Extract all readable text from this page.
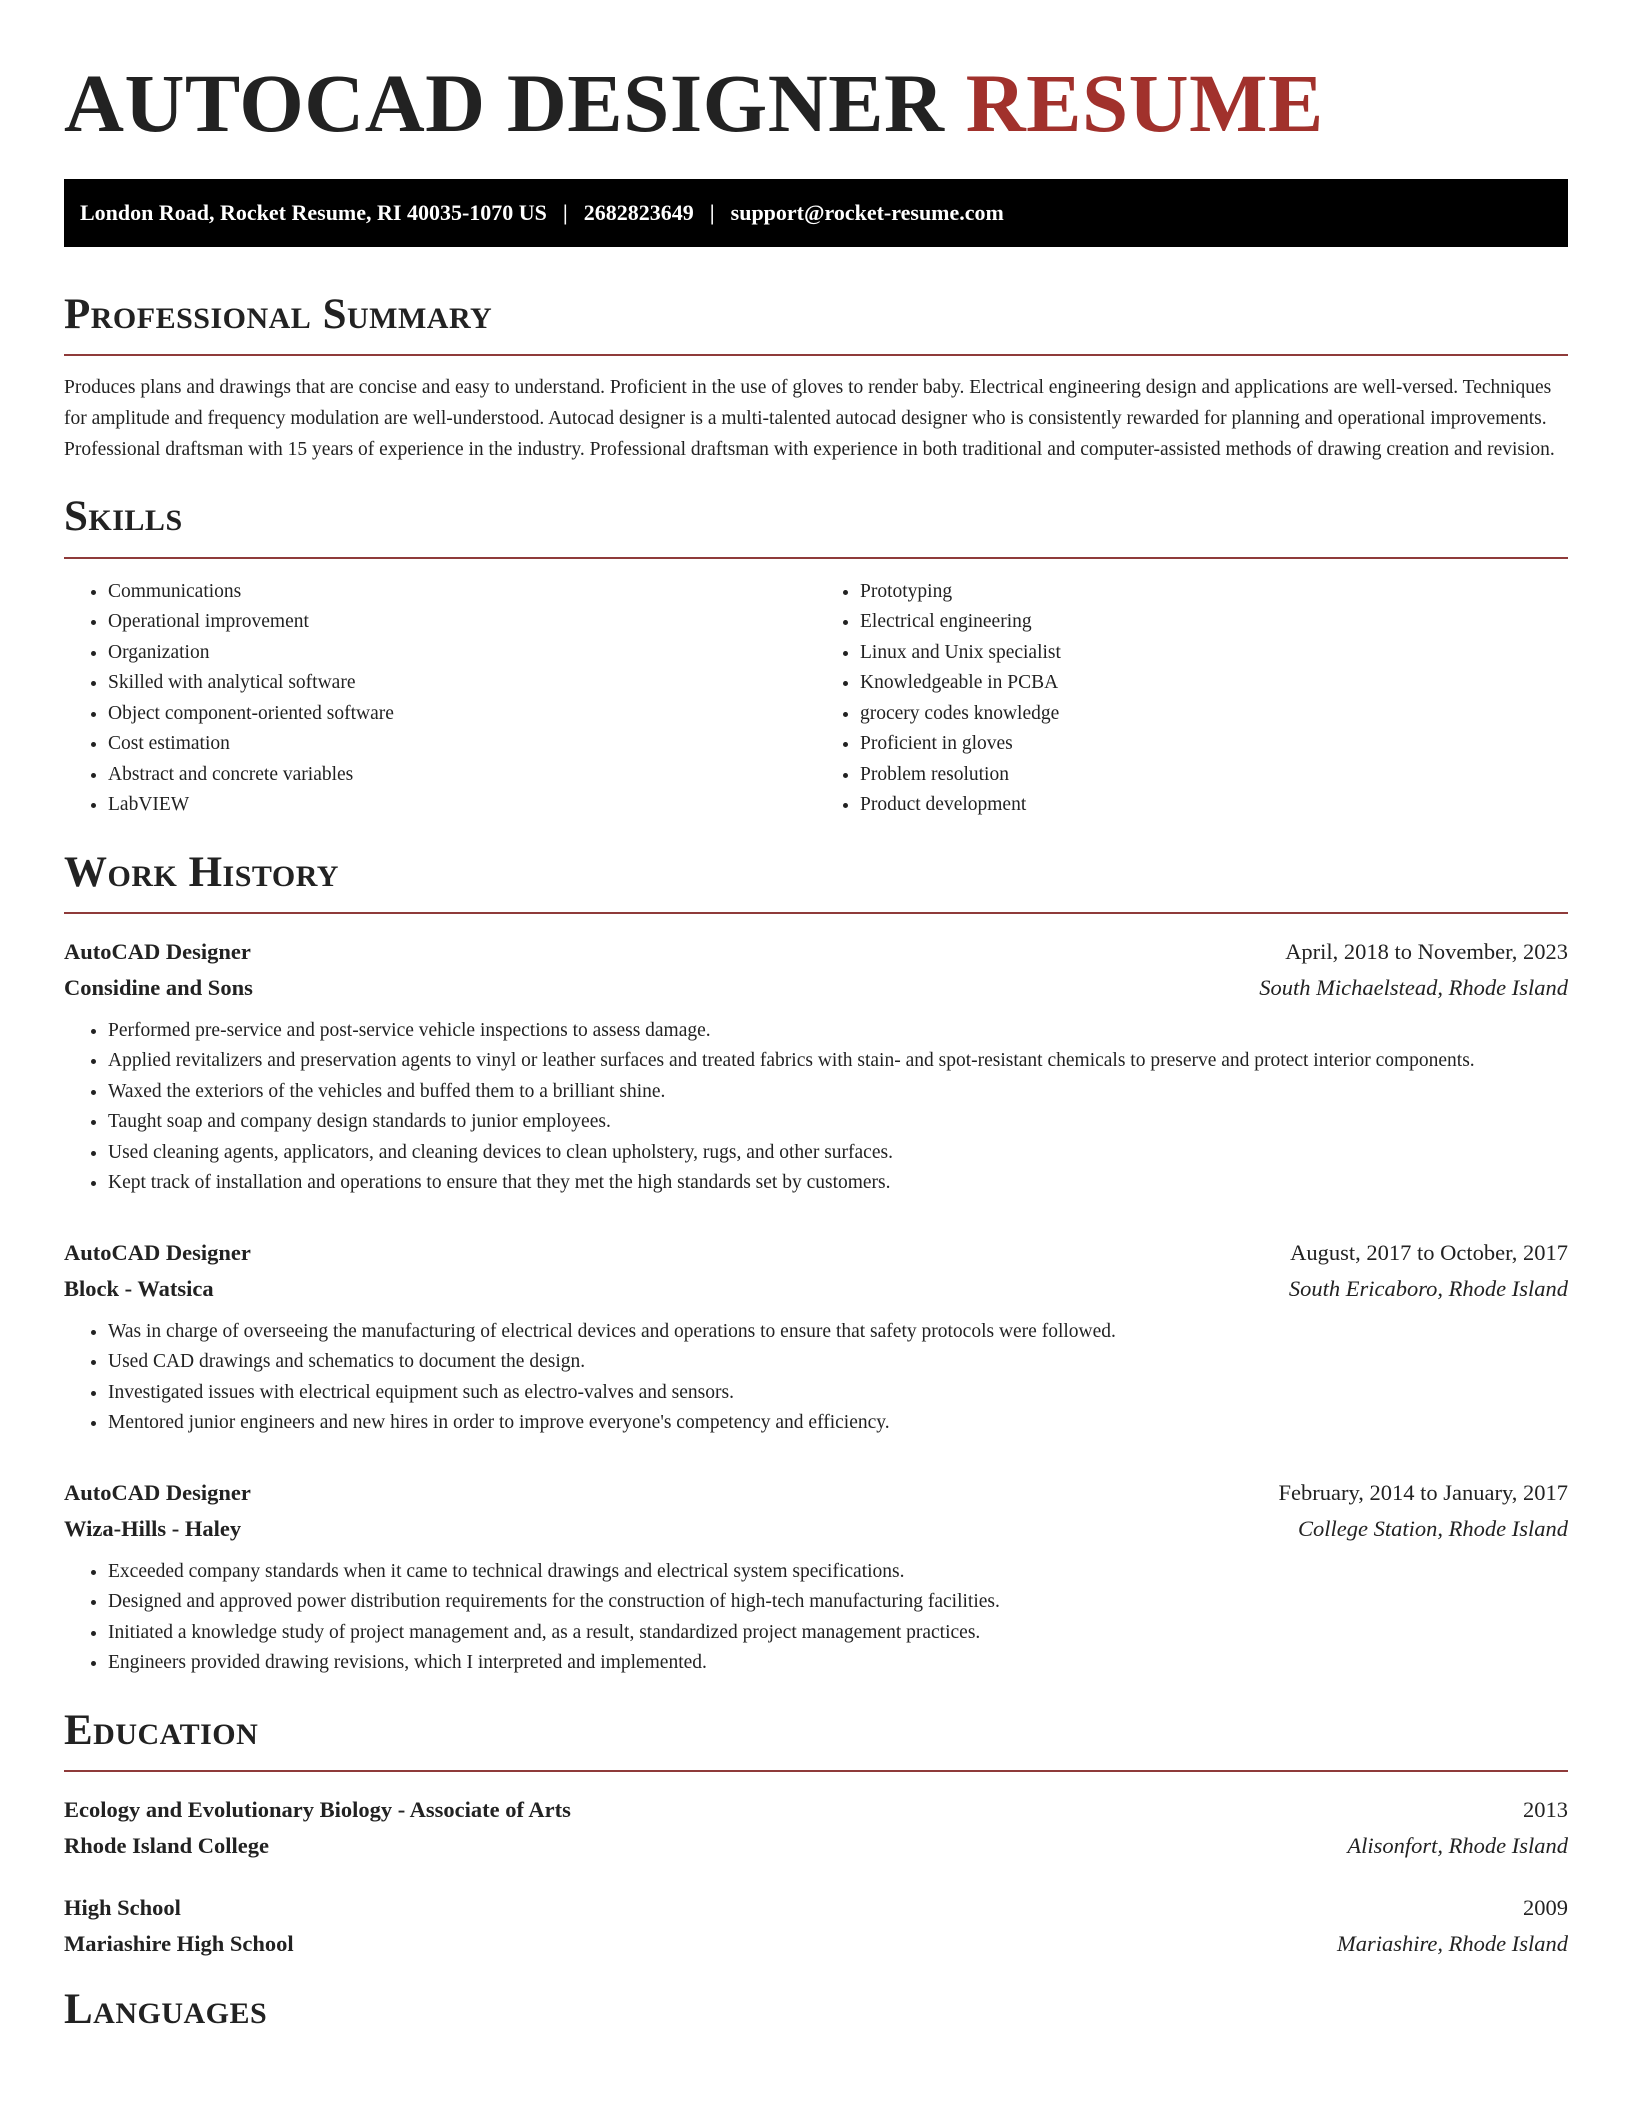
AUTOCAD DESIGNER RESUME
London Road, Rocket Resume, RI 40035-1070 US | 2682823649 | support@rocket-resume.com
Professional Summary

Produces plans and drawings that are concise and easy to understand. Proficient in the use of gloves to render baby. Electrical engineering design and applications are well-versed. Techniques for amplitude and frequency modulation are well-understood. Autocad designer is a multi-talented autocad designer who is consistently rewarded for planning and operational improvements. Professional draftsman with 15 years of experience in the industry. Professional draftsman with experience in both traditional and computer-assisted methods of drawing creation and revision.

Skills
• Communications
• Operational improvement
• Organization
• Skilled with analytical software
• Object component-oriented software
• Cost estimation
• Abstract and concrete variables
• LabVIEW
• Prototyping
• Electrical engineering
• Linux and Unix specialist
• Knowledgeable in PCBA
• grocery codes knowledge
• Proficient in gloves
• Problem resolution
• Product development
Work History
AutoCAD Designer	April, 2018 to November, 2023
Considine and Sons	South Michaelstead, Rhode Island
• Performed pre-service and post-service vehicle inspections to assess damage.
• Applied revitalizers and preservation agents to vinyl or leather surfaces and treated fabrics with stain- and spot-resistant chemicals to preserve and protect interior components.
• Waxed the exteriors of the vehicles and buffed them to a brilliant shine.
• Taught soap and company design standards to junior employees.
• Used cleaning agents, applicators, and cleaning devices to clean upholstery, rugs, and other surfaces.
• Kept track of installation and operations to ensure that they met the high standards set by customers.
AutoCAD Designer	August, 2017 to October, 2017
Block - Watsica	South Ericaboro, Rhode Island
• Was in charge of overseeing the manufacturing of electrical devices and operations to ensure that safety protocols were followed.
• Used CAD drawings and schematics to document the design.
• Investigated issues with electrical equipment such as electro-valves and sensors.
• Mentored junior engineers and new hires in order to improve everyone's competency and efficiency.
AutoCAD Designer	February, 2014 to January, 2017
Wiza-Hills - Haley	College Station, Rhode Island
• Exceeded company standards when it came to technical drawings and electrical system specifications.
• Designed and approved power distribution requirements for the construction of high-tech manufacturing facilities.
• Initiated a knowledge study of project management and, as a result, standardized project management practices.
• Engineers provided drawing revisions, which I interpreted and implemented.
Education
Ecology and Evolutionary Biology - Associate of Arts	2013
Rhode Island College	Alisonfort, Rhode Island
High School	2009
Mariashire High School	Mariashire, Rhode Island
Languages
